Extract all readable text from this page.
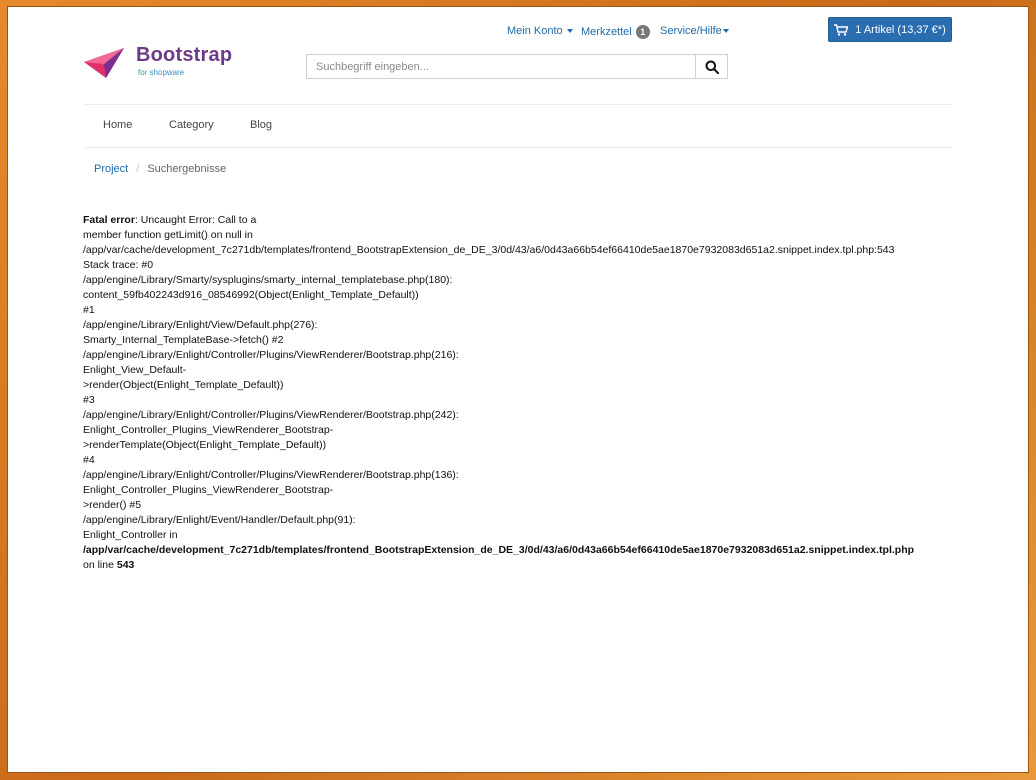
Bootstrap
for shopware
Mein Konto	Merkzettel 1	Service/Hilfe	1 Artikel (13,37 €*)
Suchbegriff eingeben...
Home	Category	Blog
Project / Suchergebnisse
Fatal error: Uncaught Error: Call to a
member function getLimit() on null in
/app/var/cache/development_7c271db/templates/frontend_BootstrapExtension_de_DE_3/0d/43/a6/0d43a66b54ef66410de5ae1870e7932083d651a2.snippet.index.tpl.php:543
Stack trace: #0
/app/engine/Library/Smarty/sysplugins/smarty_internal_templatebase.php(180):
content_59fb402243d916_08546992(Object(Enlight_Template_Default))
#1
/app/engine/Library/Enlight/View/Default.php(276):
Smarty_Internal_TemplateBase->fetch() #2
/app/engine/Library/Enlight/Controller/Plugins/ViewRenderer/Bootstrap.php(216):
Enlight_View_Default-
>render(Object(Enlight_Template_Default))
#3
/app/engine/Library/Enlight/Controller/Plugins/ViewRenderer/Bootstrap.php(242):
Enlight_Controller_Plugins_ViewRenderer_Bootstrap-
>renderTemplate(Object(Enlight_Template_Default))
#4
/app/engine/Library/Enlight/Controller/Plugins/ViewRenderer/Bootstrap.php(136):
Enlight_Controller_Plugins_ViewRenderer_Bootstrap-
>render() #5
/app/engine/Library/Enlight/Event/Handler/Default.php(91):
Enlight_Controller in
/app/var/cache/development_7c271db/templates/frontend_BootstrapExtension_de_DE_3/0d/43/a6/0d43a66b54ef66410de5ae1870e7932083d651a2.snippet.index.tpl.php
on line 543
